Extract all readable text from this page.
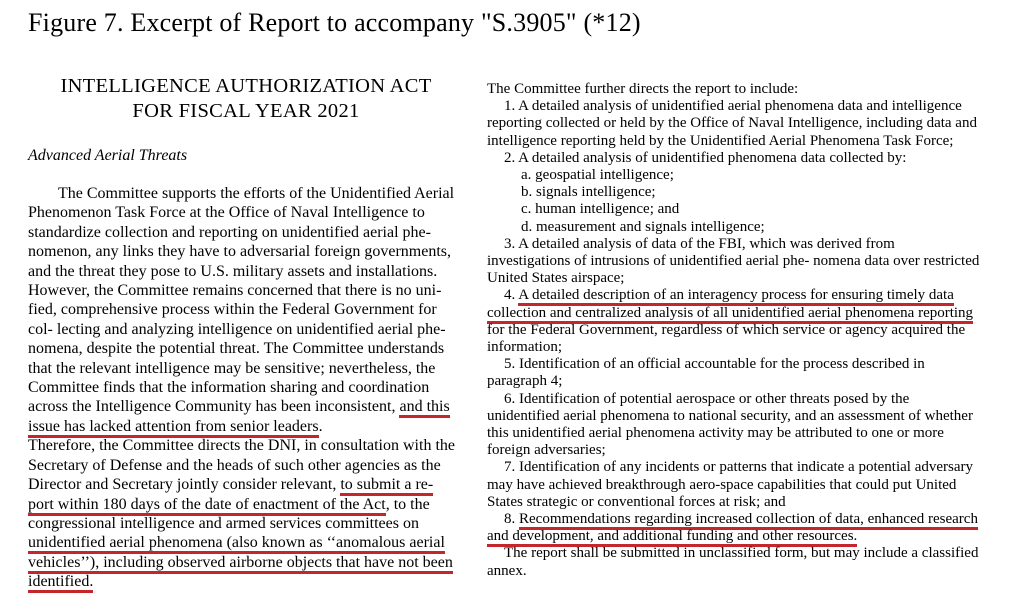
Figure 7. Excerpt of Report to accompany "S.3905" (*12)
INTELLIGENCE AUTHORIZATION ACT
FOR FISCAL YEAR 2021
Advanced Aerial Threats
The Committee supports the efforts of the Unidentified Aerial
Phenomenon Task Force at the Office of Naval Intelligence to
standardize collection and reporting on unidentified aerial phe-
nomenon, any links they have to adversarial foreign governments,
and the threat they pose to U.S. military assets and installations.
However, the Committee remains concerned that there is no uni-
fied, comprehensive process within the Federal Government for
col- lecting and analyzing intelligence on unidentified aerial phe-
nomena, despite the potential threat. The Committee understands
that the relevant intelligence may be sensitive; nevertheless, the
Committee finds that the information sharing and coordination
across the Intelligence Community has been inconsistent, and this
issue has lacked attention from senior leaders.
Therefore, the Committee directs the DNI, in consultation with the
Secretary of Defense and the heads of such other agencies as the
Director and Secretary jointly consider relevant, to submit a re-
port within 180 days of the date of enactment of the Act, to the
congressional intelligence and armed services committees on
unidentified aerial phenomena (also known as ‘‘anomalous aerial
vehicles’’), including observed airborne objects that have not been
identified.
The Committee further directs the report to include:
1. A detailed analysis of unidentified aerial phenomena data and intelligence
reporting collected or held by the Office of Naval Intelligence, including data and
intelligence reporting held by the Unidentified Aerial Phenomena Task Force;
2. A detailed analysis of unidentified phenomena data collected by:
a. geospatial intelligence;
b. signals intelligence;
c. human intelligence; and
d. measurement and signals intelligence;
3. A detailed analysis of data of the FBI, which was derived from
investigations of intrusions of unidentified aerial phe- nomena data over restricted
United States airspace;
4. A detailed description of an interagency process for ensuring timely data
collection and centralized analysis of all unidentified aerial phenomena reporting
for the Federal Government, regardless of which service or agency acquired the
information;
5. Identification of an official accountable for the process described in
paragraph 4;
6. Identification of potential aerospace or other threats posed by the
unidentified aerial phenomena to national security, and an assessment of whether
this unidentified aerial phenomena activity may be attributed to one or more
foreign adversaries;
7. Identification of any incidents or patterns that indicate a potential adversary
may have achieved breakthrough aero-space capabilities that could put United
States strategic or conventional forces at risk; and
8. Recommendations regarding increased collection of data, enhanced research
and development, and additional funding and other resources.
The report shall be submitted in unclassified form, but may include a classified
annex.
